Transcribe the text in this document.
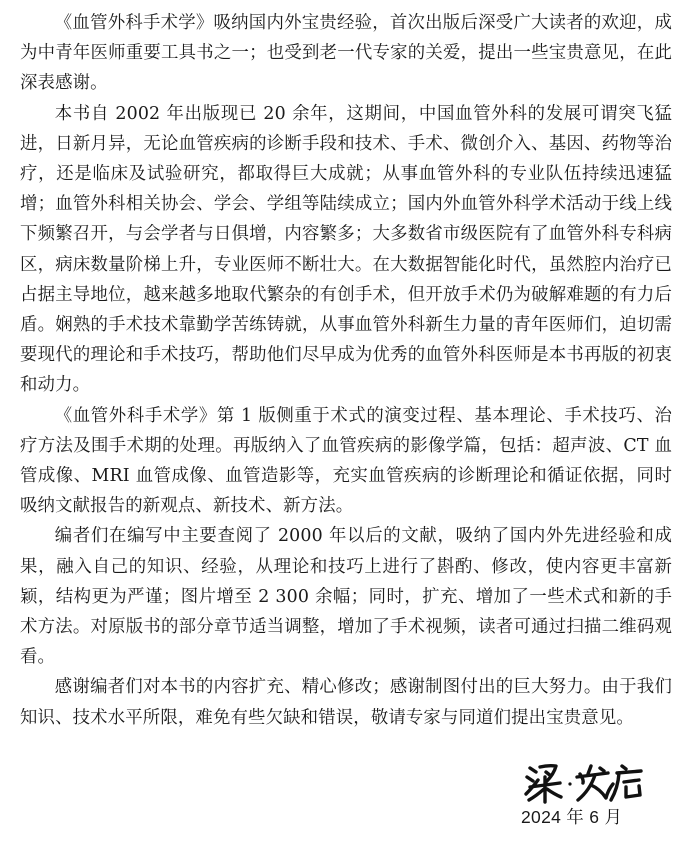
《血管外科手术学》吸纳国内外宝贵经验，首次出版后深受广大读者的欢迎，成为中青年医师重要工具书之一；也受到老一代专家的关爱，提出一些宝贵意见，在此深表感谢。

本书自 2002 年出版现已 20 余年，这期间，中国血管外科的发展可谓突飞猛进，日新月异，无论血管疾病的诊断手段和技术、手术、微创介入、基因、药物等治疗，还是临床及试验研究，都取得巨大成就；从事血管外科的专业队伍持续迅速猛增；血管外科相关协会、学会、学组等陆续成立；国内外血管外科学术活动于线上线下频繁召开，与会学者与日俱增，内容繁多；大多数省市级医院有了血管外科专科病区，病床数量阶梯上升，专业医师不断壮大。在大数据智能化时代，虽然腔内治疗已占据主导地位，越来越多地取代繁杂的有创手术，但开放手术仍为破解难题的有力后盾。娴熟的手术技术靠勤学苦练铸就，从事血管外科新生力量的青年医师们，迫切需要现代的理论和手术技巧，帮助他们尽早成为优秀的血管外科医师是本书再版的初衷和动力。

《血管外科手术学》第 1 版侧重于术式的演变过程、基本理论、手术技巧、治疗方法及围手术期的处理。再版纳入了血管疾病的影像学篇，包括：超声波、CT 血管成像、MRI 血管成像、血管造影等，充实血管疾病的诊断理论和循证依据，同时吸纳文献报告的新观点、新技术、新方法。

编者们在编写中主要查阅了 2000 年以后的文献，吸纳了国内外先进经验和成果，融入自己的知识、经验，从理论和技巧上进行了斟酌、修改，使内容更丰富新颖，结构更为严谨；图片增至 2 300 余幅；同时，扩充、增加了一些术式和新的手术方法。对原版书的部分章节适当调整，增加了手术视频，读者可通过扫描二维码观看。

感谢编者们对本书的内容扩充、精心修改；感谢制图付出的巨大努力。由于我们知识、技术水平所限，难免有些欠缺和错误，敬请专家与同道们提出宝贵意见。

2024 年 6 月
